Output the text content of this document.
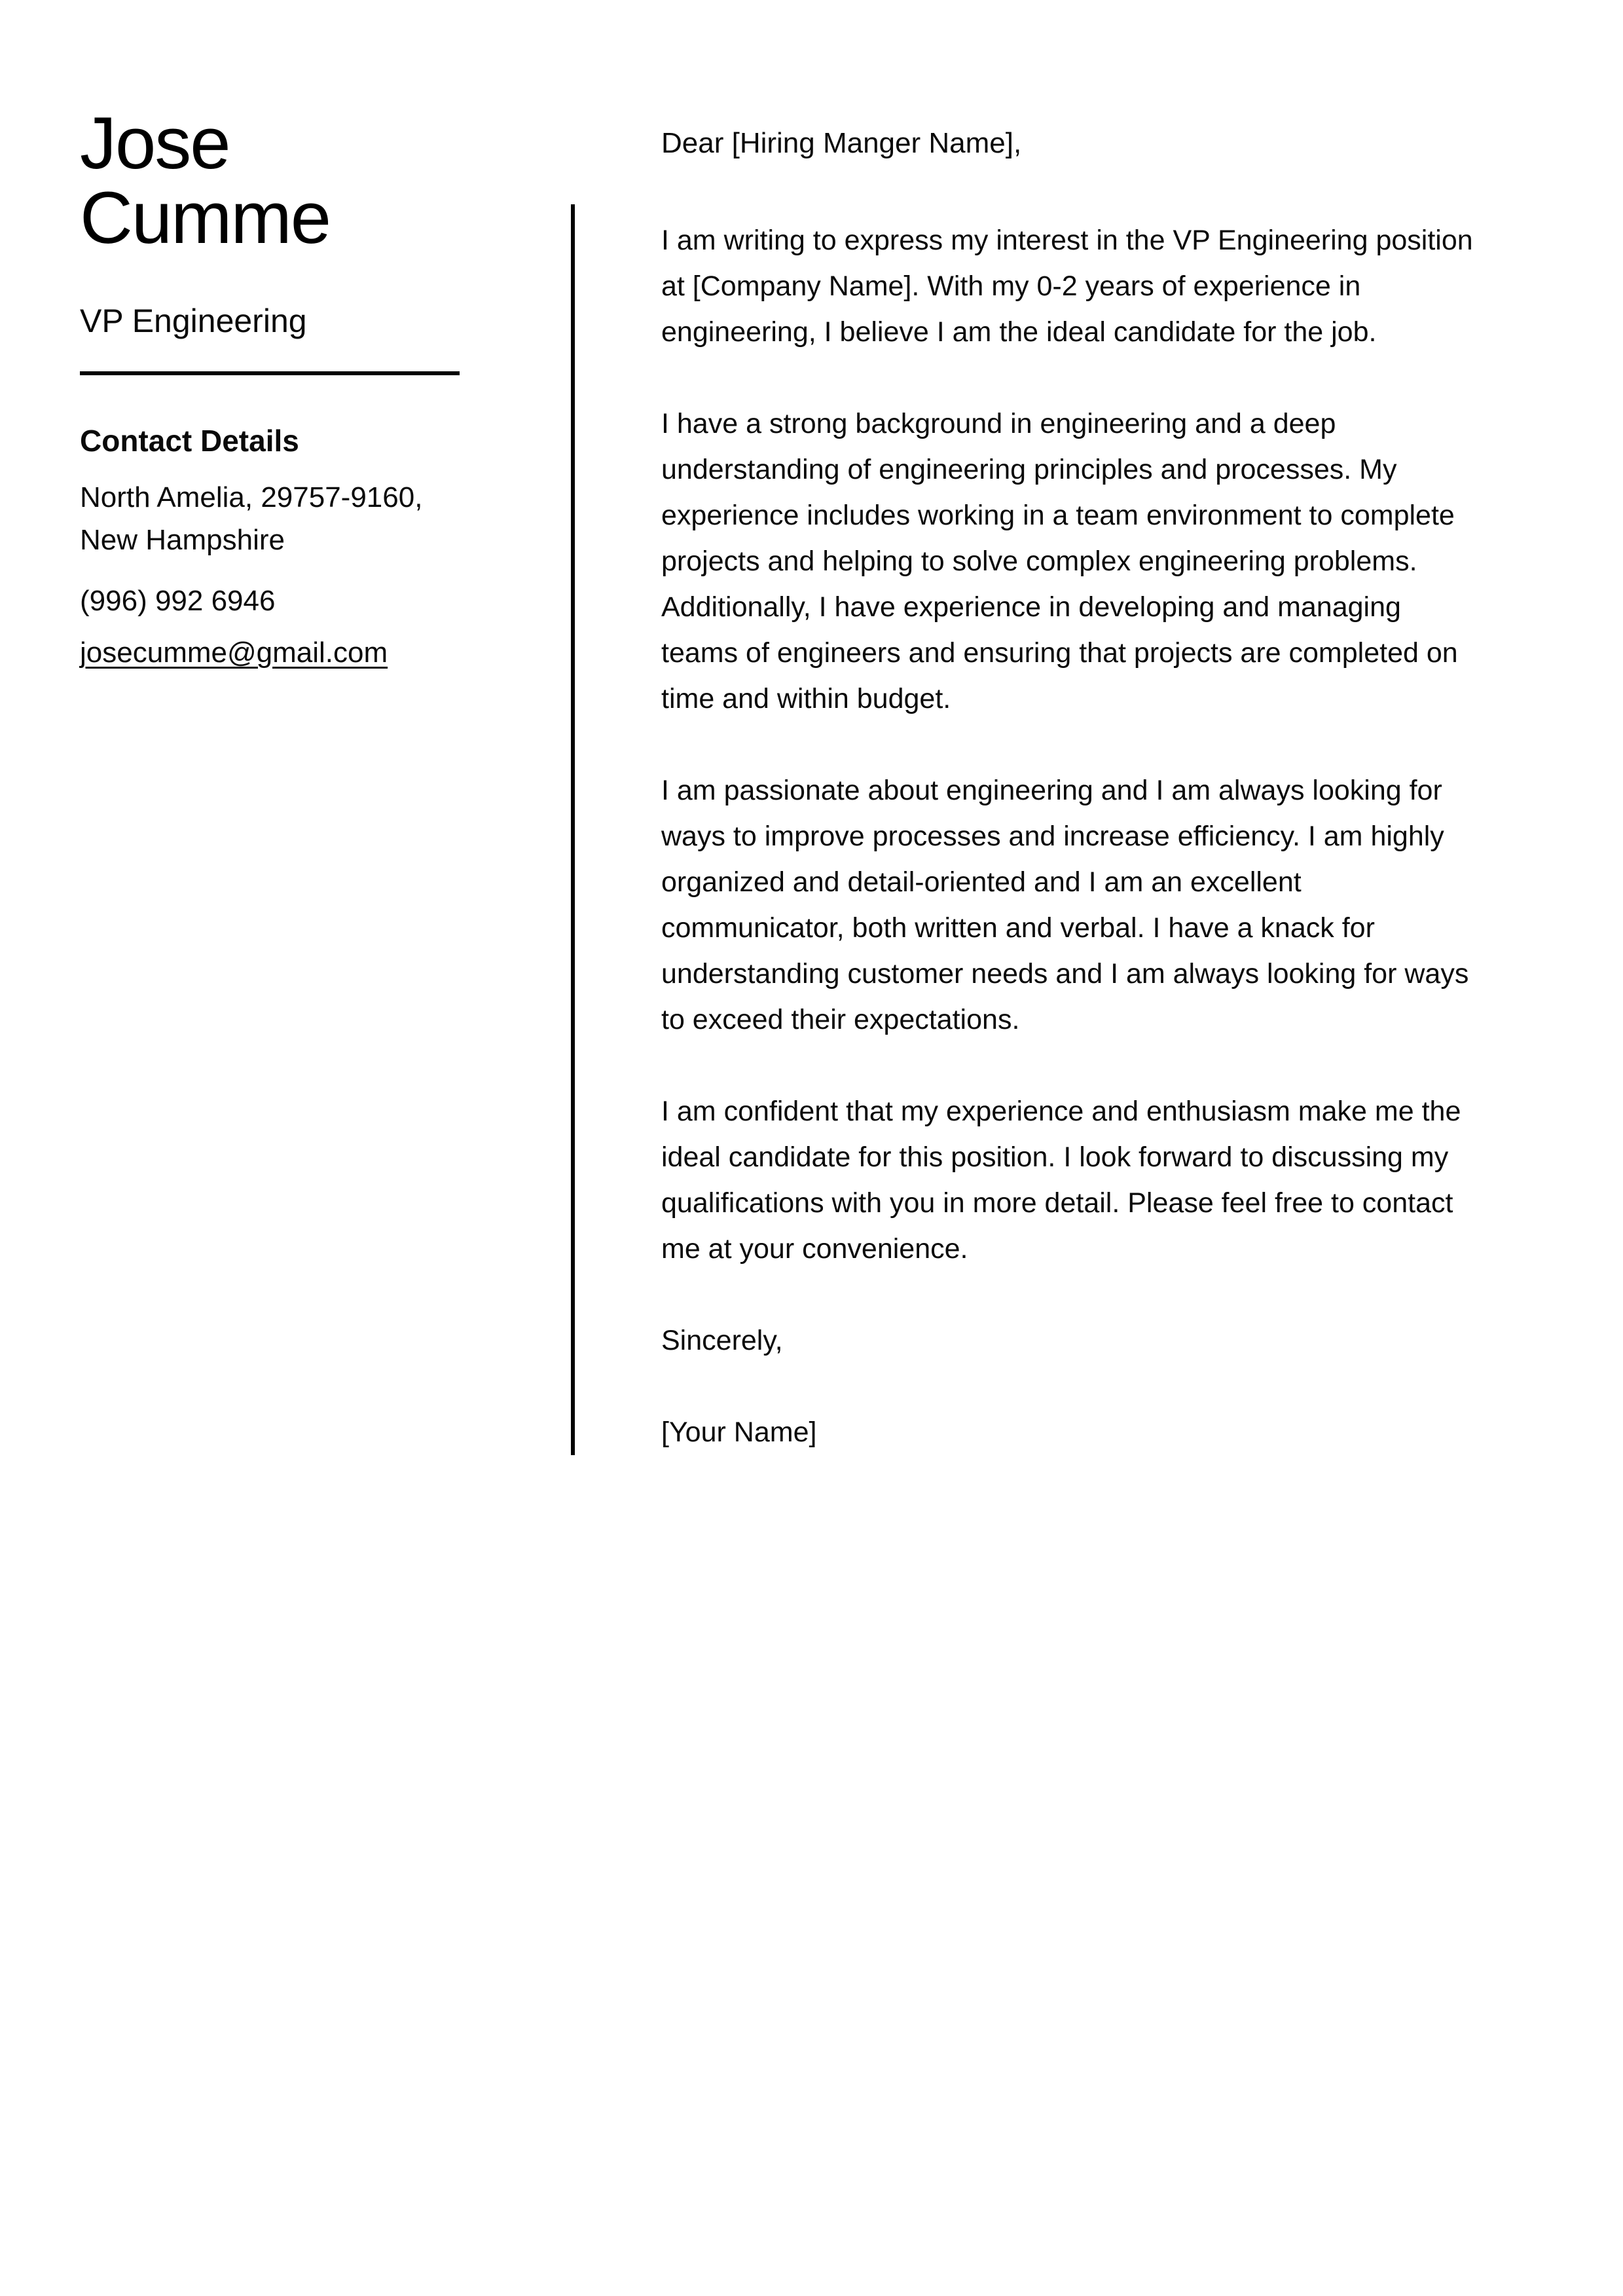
Jose
Cumme
VP Engineering
Contact Details
North Amelia, 29757-9160,
New Hampshire
(996) 992 6946
josecumme@gmail.com
Dear [Hiring Manger Name],

I am writing to express my interest in the VP Engineering position at [Company Name]. With my 0-2 years of experience in engineering, I believe I am the ideal candidate for the job.

I have a strong background in engineering and a deep understanding of engineering principles and processes. My experience includes working in a team environment to complete projects and helping to solve complex engineering problems. Additionally, I have experience in developing and managing teams of engineers and ensuring that projects are completed on time and within budget.

I am passionate about engineering and I am always looking for ways to improve processes and increase efficiency. I am highly organized and detail-oriented and I am an excellent communicator, both written and verbal. I have a knack for understanding customer needs and I am always looking for ways to exceed their expectations.

I am confident that my experience and enthusiasm make me the ideal candidate for this position. I look forward to discussing my qualifications with you in more detail. Please feel free to contact me at your convenience.

Sincerely,

[Your Name]
